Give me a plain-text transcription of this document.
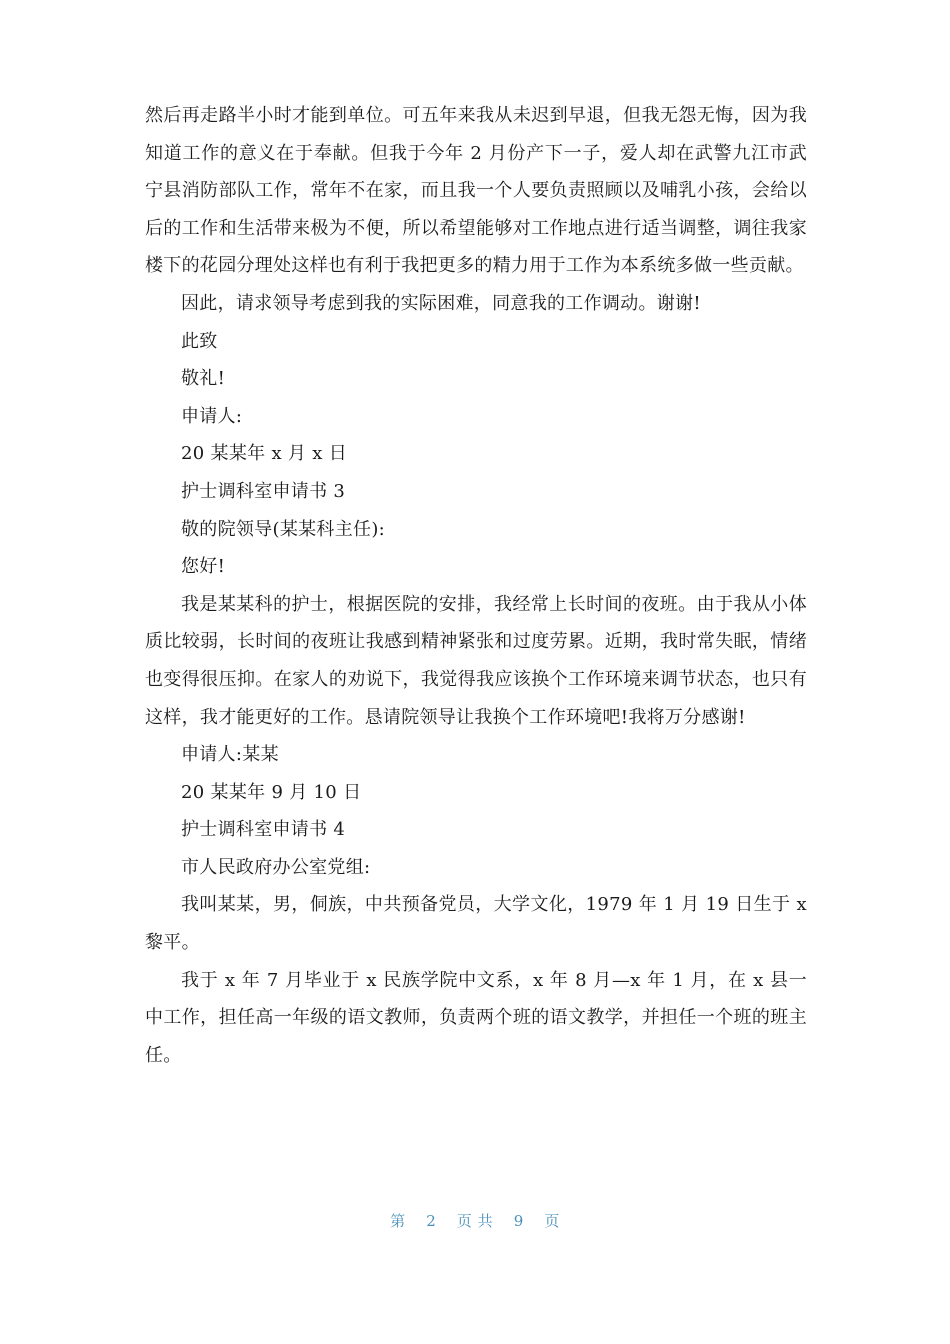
然后再走路半小时才能到单位。可五年来我从未迟到早退，但我无怨无悔，因为我知道工作的意义在于奉献。但我于今年 2 月份产下一子，爱人却在武警九江市武宁县消防部队工作，常年不在家，而且我一个人要负责照顾以及哺乳小孩，会给以后的工作和生活带来极为不便，所以希望能够对工作地点进行适当调整，调往我家楼下的花园分理处这样也有利于我把更多的精力用于工作为本系统多做一些贡献。

因此，请求领导考虑到我的实际困难，同意我的工作调动。谢谢!

此致

敬礼!

申请人:

20 某某年 x 月 x 日

护士调科室申请书 3

敬的院领导(某某科主任):

您好!

我是某某科的护士，根据医院的安排，我经常上长时间的夜班。由于我从小体质比较弱，长时间的夜班让我感到精神紧张和过度劳累。近期，我时常失眠，情绪也变得很压抑。在家人的劝说下，我觉得我应该换个工作环境来调节状态，也只有这样，我才能更好的工作。恳请院领导让我换个工作环境吧!我将万分感谢!

申请人:某某

20 某某年 9 月 10 日

护士调科室申请书 4

市人民政府办公室党组:

我叫某某，男，侗族，中共预备党员，大学文化，1979 年 1 月 19 日生于 x 黎平。

我于 x 年 7 月毕业于 x 民族学院中文系，x 年 8 月—x 年 1 月，在 x 县一中工作，担任高一年级的语文教师，负责两个班的语文教学，并担任一个班的班主任。

第 2 页 共 9 页
